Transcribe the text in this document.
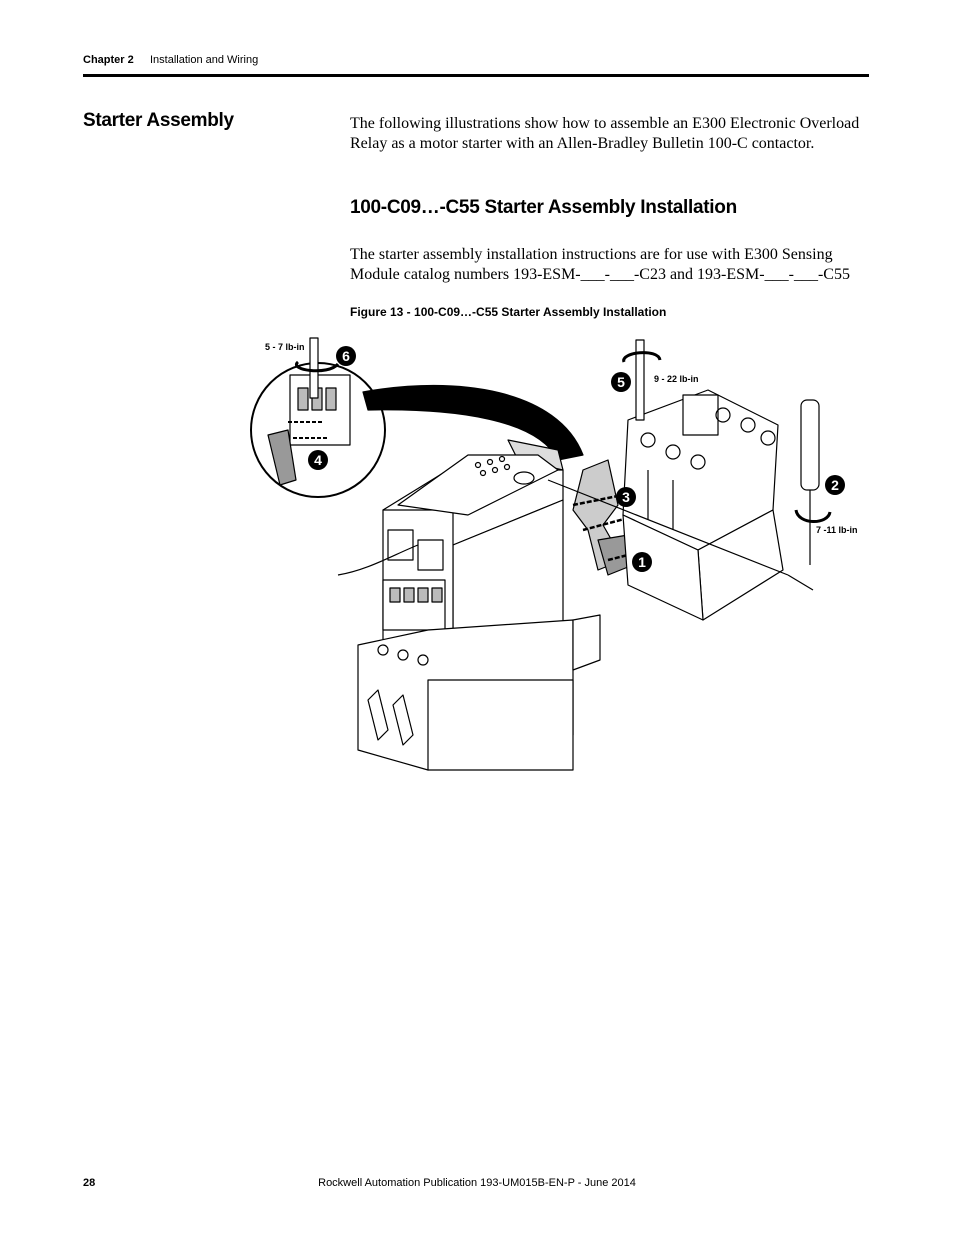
Chapter 2 Installation and Wiring
Starter Assembly	The following illustrations show how to assemble an E300 Electronic Overload Relay as a motor starter with an Allen-Bradley Bulletin 100-C contactor.
100-C09…-C55 Starter Assembly Installation
The starter assembly installation instructions are for use with E300 Sensing Module catalog numbers 193-ESM-___-___-C23 and 193-ESM-___-___-C55
Figure 13 - 100-C09…-C55 Starter Assembly Installation
1
2
3
4
5
6
5 - 7 lb-in
9 - 22 lb-in
7 -11 lb-in
28	Rockwell Automation Publication 193-UM015B-EN-P - June 2014
